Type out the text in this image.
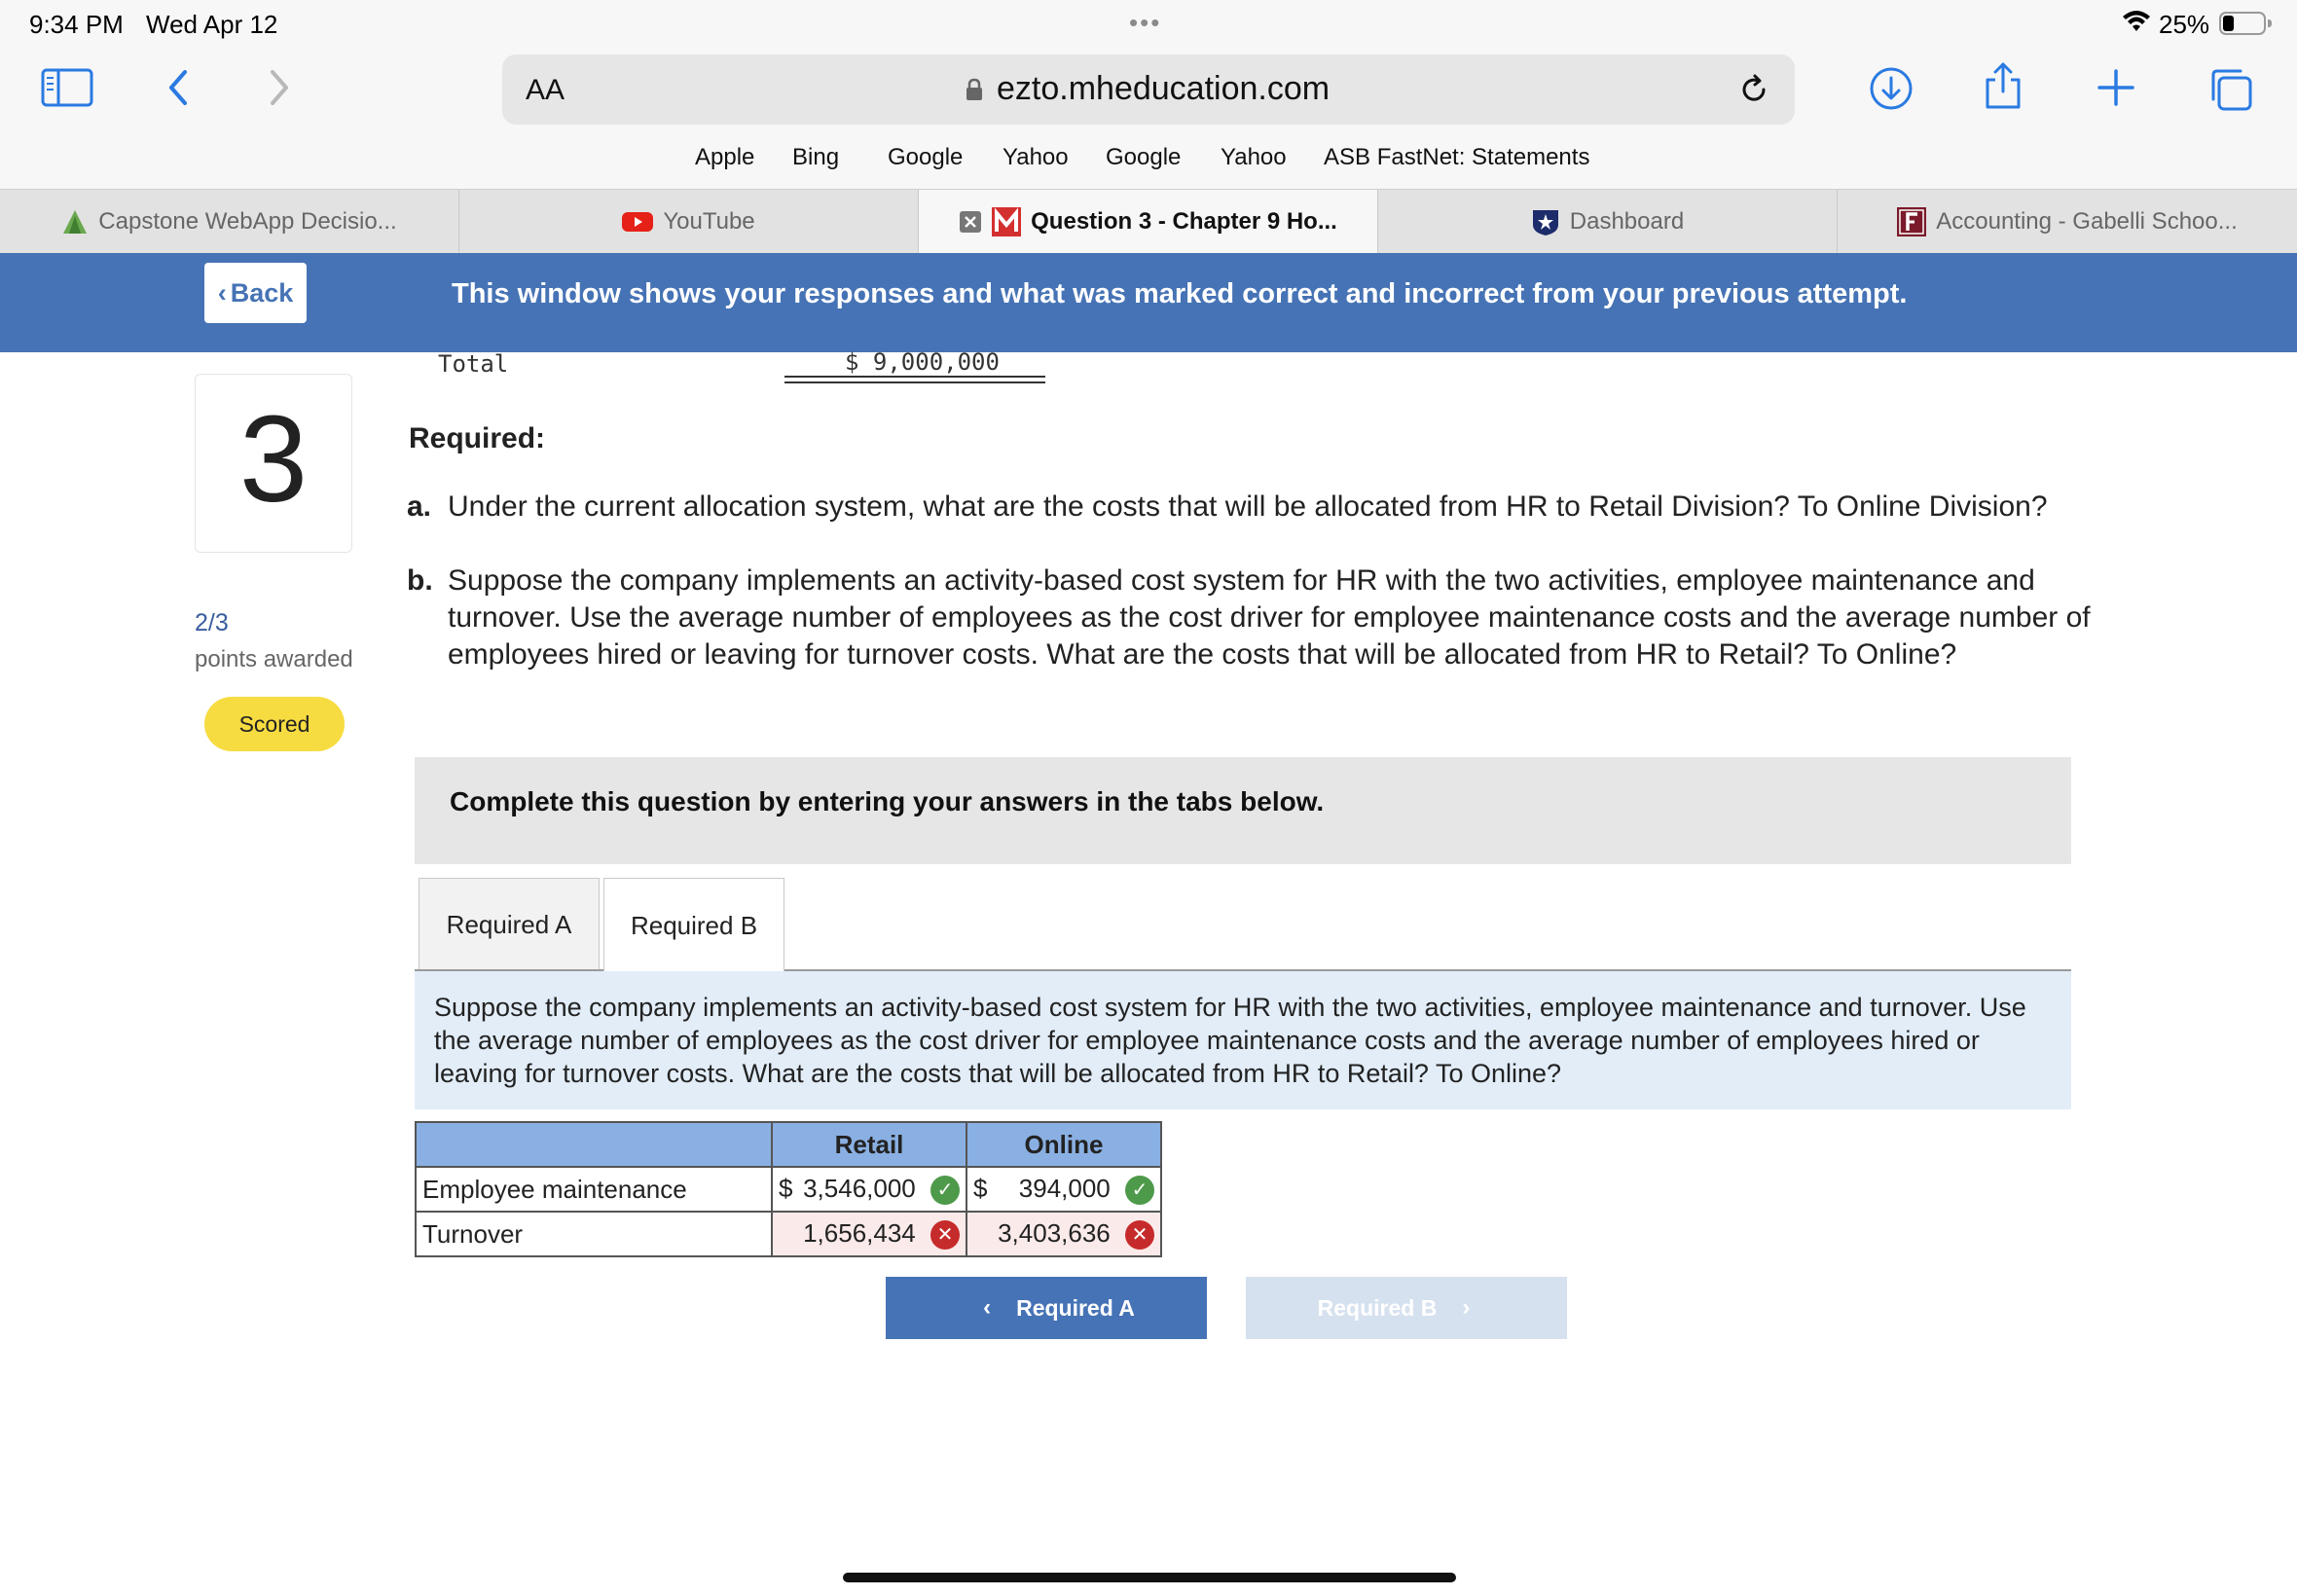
9:34 PM Wed Apr 12	•••	25%
AA	ezto.mheducation.com
Apple Bing Google Yahoo Google Yahoo ASB FastNet: Statements
Capstone WebApp Decisio...	YouTube	Question 3 - Chapter 9 Ho...	Dashboard	Accounting - Gabelli Schoo...
‹ Back	This window shows your responses and what was marked correct and incorrect from your previous attempt.
Total	$ 9,000,000
3
2/3
points awarded
Scored
Required:
a. Under the current allocation system, what are the costs that will be allocated from HR to Retail Division? To Online Division?
b. Suppose the company implements an activity-based cost system for HR with the two activities, employee maintenance and turnover. Use the average number of employees as the cost driver for employee maintenance costs and the average number of employees hired or leaving for turnover costs. What are the costs that will be allocated from HR to Retail? To Online?
Complete this question by entering your answers in the tabs below.
Required A	Required B
Suppose the company implements an activity-based cost system for HR with the two activities, employee maintenance and turnover. Use the average number of employees as the cost driver for employee maintenance costs and the average number of employees hired or leaving for turnover costs. What are the costs that will be allocated from HR to Retail? To Online?
	Retail	Online
Employee maintenance	$ 3,546,000 ✓	$ 394,000 ✓
Turnover	1,656,434 ✕	3,403,636 ✕
‹ Required A	Required B ›
